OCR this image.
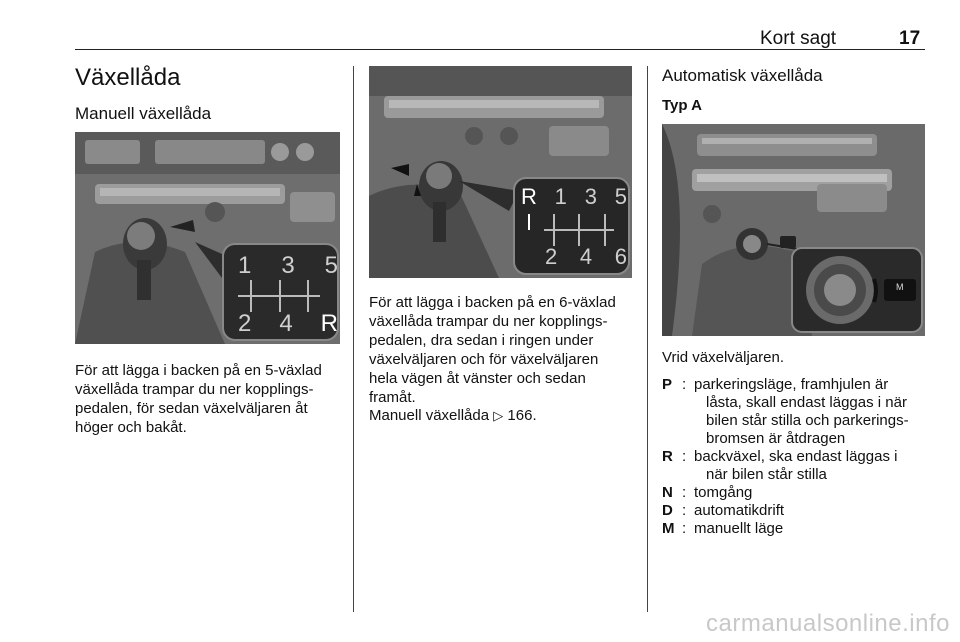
Kort sagt	17
Växellåda
Manuell växellåda
1 3 5
2 4 R

För att lägga i backen på en 5-växlad
växellåda trampar du ner kopplings-
pedalen, för sedan växelväljaren åt
höger och bakåt.

R 1 3 5
2 4 6

För att lägga i backen på en 6-växlad
växellåda trampar du ner kopplings-
pedalen, dra sedan i ringen under
växelväljaren och för växelväljaren
hela vägen åt vänster och sedan
framåt.

Manuell växellåda ▷ 166.
Automatisk växellåda
Typ A
M
Vrid växelväljaren.
P : parkeringsläge, framhjulen är
låsta, skall endast läggas i när
bilen står stilla och parkerings-
bromsen är åtdragen
R : backväxel, ska endast läggas i
när bilen står stilla
N : tomgång
D : automatikdrift
M : manuellt läge
carmanualsonline.info
